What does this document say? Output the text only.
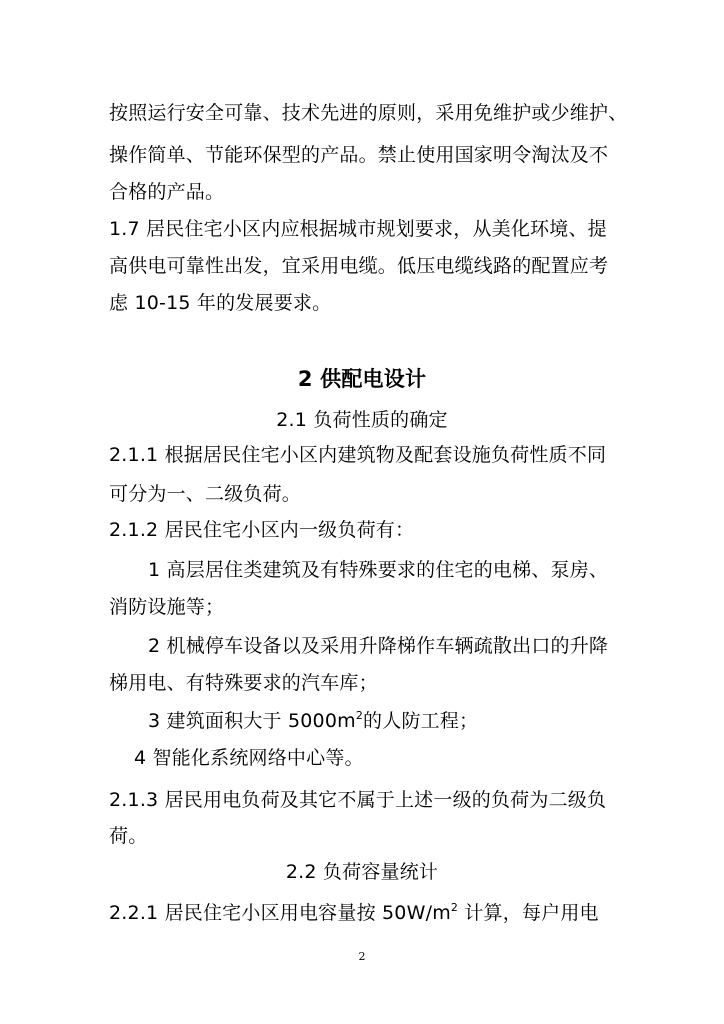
按照运行安全可靠、技术先进的原则，采用免维护或少维护、
操作简单、节能环保型的产品。禁止使用国家明令淘汰及不
合格的产品。
1.7 居民住宅小区内应根据城市规划要求，从美化环境、提
高供电可靠性出发，宜采用电缆。低压电缆线路的配置应考
虑 10-15 年的发展要求。
2 供配电设计
2.1 负荷性质的确定
2.1.1 根据居民住宅小区内建筑物及配套设施负荷性质不同
可分为一、二级负荷。
2.1.2 居民住宅小区内一级负荷有：
1 高层居住类建筑及有特殊要求的住宅的电梯、泵房、
消防设施等；
2 机械停车设备以及采用升降梯作车辆疏散出口的升降
梯用电、有特殊要求的汽车库；
3 建筑面积大于 $5000m^2$的人防工程；
4 智能化系统网络中心等。
2.1.3 居民用电负荷及其它不属于上述一级的负荷为二级负
荷。
2.2 负荷容量统计
2.2.1 居民住宅小区用电容量按 $50W/m^2$ 计算，每户用电
2
